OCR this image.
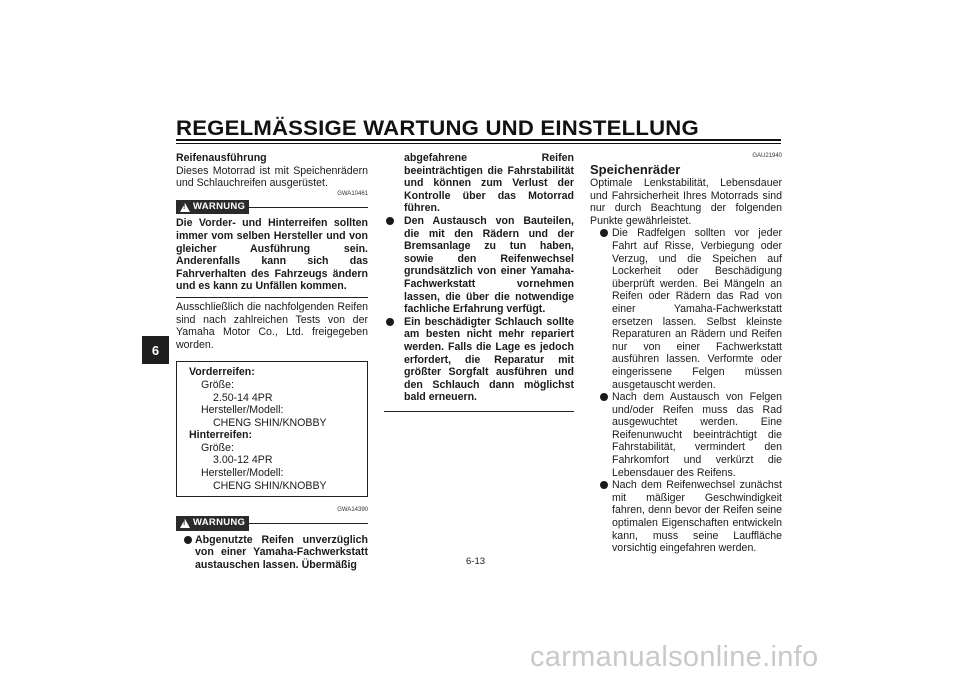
REGELMÄSSIGE WARTUNG UND EINSTELLUNG
6

Reifenausführung

Dieses Motorrad ist mit Speichenrädern und Schlauchreifen ausgerüstet.

GWA10461
!
WARNUNG

Die Vorder- und Hinterreifen sollten immer vom selben Hersteller und von gleicher Ausführung sein. Anderenfalls kann sich das Fahrverhalten des Fahrzeugs ändern und es kann zu Unfällen kommen.

Ausschließlich die nachfolgenden Reifen sind nach zahlreichen Tests von der Yamaha Motor Co., Ltd. freigegeben worden.

Vorderreifen:
Größe:
2.50-14 4PR
Hersteller/Modell:
CHENG SHIN/KNOBBY
Hinterreifen:
Größe:
3.00-12 4PR
Hersteller/Modell:
CHENG SHIN/KNOBBY
GWA14390
!
WARNUNG
Abgenutzte Reifen unverzüglich von einer Yamaha-Fachwerkstatt austauschen lassen. Übermäßig
abgefahrene Reifen beeinträchtigen die Fahrstabilität und können zum Verlust der Kontrolle über das Motorrad führen.
Den Austausch von Bauteilen, die mit den Rädern und der Bremsanlage zu tun haben, sowie den Reifenwechsel grundsätzlich von einer Yamaha-Fachwerkstatt vornehmen lassen, die über die notwendige fachliche Erfahrung verfügt.
Ein beschädigter Schlauch sollte am besten nicht mehr repariert werden. Falls die Lage es jedoch erfordert, die Reparatur mit größter Sorgfalt ausführen und den Schlauch dann möglichst bald erneuern.
GAU21940
Speichenräder

Optimale Lenkstabilität, Lebensdauer und Fahrsicherheit Ihres Motorrads sind nur durch Beachtung der folgenden Punkte gewährleistet.

Die Radfelgen sollten vor jeder Fahrt auf Risse, Verbiegung oder Verzug, und die Speichen auf Lockerheit oder Beschädigung überprüft werden. Bei Mängeln an Reifen oder Rädern das Rad von einer Yamaha-Fachwerkstatt ersetzen lassen. Selbst kleinste Reparaturen an Rädern und Reifen nur von einer Fachwerkstatt ausführen lassen. Verformte oder eingerissene Felgen müssen ausgetauscht werden.
Nach dem Austausch von Felgen und/oder Reifen muss das Rad ausgewuchtet werden. Eine Reifenunwucht beeinträchtigt die Fahrstabilität, vermindert den Fahrkomfort und verkürzt die Lebensdauer des Reifens.
Nach dem Reifenwechsel zunächst mit mäßiger Geschwindigkeit fahren, denn bevor der Reifen seine optimalen Eigenschaften entwickeln kann, muss seine Lauffläche vorsichtig eingefahren werden.
6-13
carmanualsonline.info
